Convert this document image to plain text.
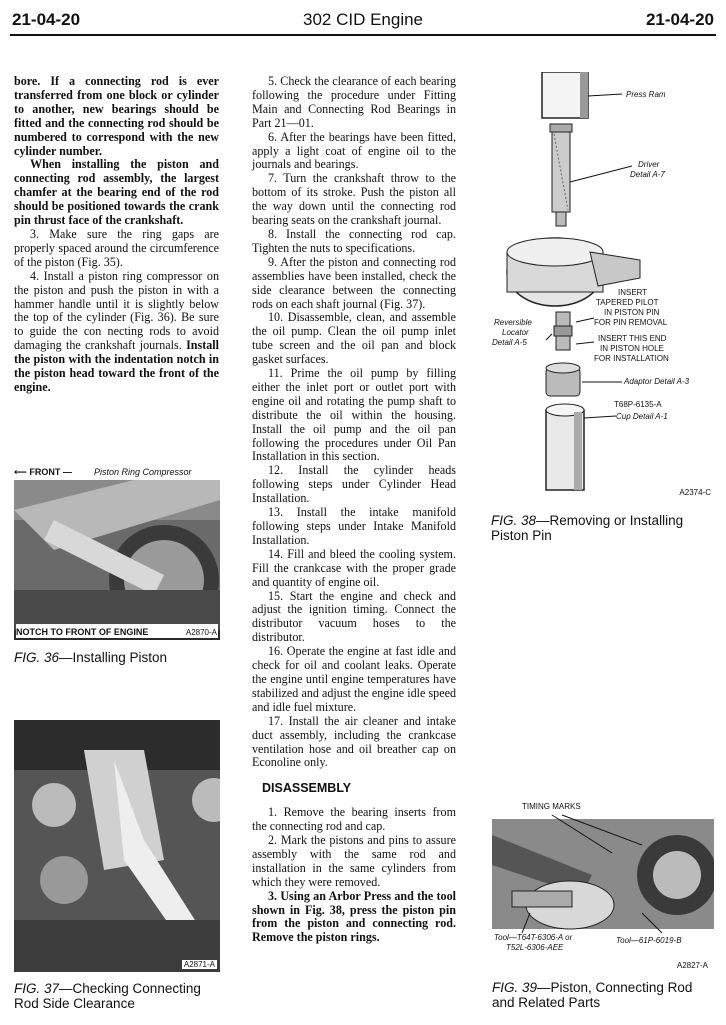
21-04-20	302 CID Engine	21-04-20

bore. If a connecting rod is ever transferred from one block or cylinder to another, new bearings should be fitted and the connecting rod should be numbered to correspond with the new cylinder number.

When installing the piston and connecting rod assembly, the largest chamfer at the bearing end of the rod should be positioned towards the crank pin thrust face of the crankshaft.

3. Make sure the ring gaps are properly spaced around the circumference of the piston (Fig. 35).

4. Install a piston ring compressor on the piston and push the piston in with a hammer handle until it is slightly below the top of the cylinder (Fig. 36). Be sure to guide the con necting rods to avoid damaging the crankshaft journals. Install the piston with the indentation notch in the piston head toward the front of the engine.

⟵ FRONT — Piston Ring Compressor
NOTCH TO FRONT OF ENGINE	A2870-A
FIG. 36—Installing Piston
A2871-A
FIG. 37—Checking Connecting Rod Side Clearance

5. Check the clearance of each bearing following the procedure under Fitting Main and Connecting Rod Bearings in Part 21—01.

6. After the bearings have been fitted, apply a light coat of engine oil to the journals and bearings.

7. Turn the crankshaft throw to the bottom of its stroke. Push the piston all the way down until the connecting rod bearing seats on the crankshaft journal.

8. Install the connecting rod cap. Tighten the nuts to specifications.

9. After the piston and connecting rod assemblies have been installed, check the side clearance between the connecting rods on each shaft journal (Fig. 37).

10. Disassemble, clean, and assemble the oil pump. Clean the oil pump inlet tube screen and the oil pan and block gasket surfaces.

11. Prime the oil pump by filling either the inlet port or outlet port with engine oil and rotating the pump shaft to distribute the oil within the housing. Install the oil pump and the oil pan following the procedures under Oil Pan Installation in this section.

12. Install the cylinder heads following steps under Cylinder Head Installation.

13. Install the intake manifold following steps under Intake Manifold Installation.

14. Fill and bleed the cooling system. Fill the crankcase with the proper grade and quantity of engine oil.

15. Start the engine and check and adjust the ignition timing. Connect the distributor vacuum hoses to the distributor.

16. Operate the engine at fast idle and check for oil and coolant leaks. Operate the engine until engine temperatures have stabilized and adjust the engine idle speed and idle fuel mixture.

17. Install the air cleaner and intake duct assembly, including the crankcase ventilation hose and oil breather cap on Econoline only.

DISASSEMBLY

1. Remove the bearing inserts from the connecting rod and cap.

2. Mark the pistons and pins to assure assembly with the same rod and installation in the same cylinders from which they were removed.

3. Using an Arbor Press and the tool shown in Fig. 38, press the piston pin from the piston and connecting rod. Remove the piston rings.

Press Ram
Driver
Detail A-7
INSERT
TAPERED PILOT
IN PISTON PIN
FOR PIN REMOVAL
Reversible
Locator
Detail A-5	INSERT THIS END
IN PISTON HOLE
FOR INSTALLATION
Adaptor Detail A-3
T68P-6135-A
Cup Detail A-1
A2374-C
FIG. 38—Removing or Installing Piston Pin
TIMING MARKS
Tool—T64T-6306-A or
T52L-6306-AEE
Tool—61P-6019-B
A2827-A
FIG. 39—Piston, Connecting Rod and Related Parts
